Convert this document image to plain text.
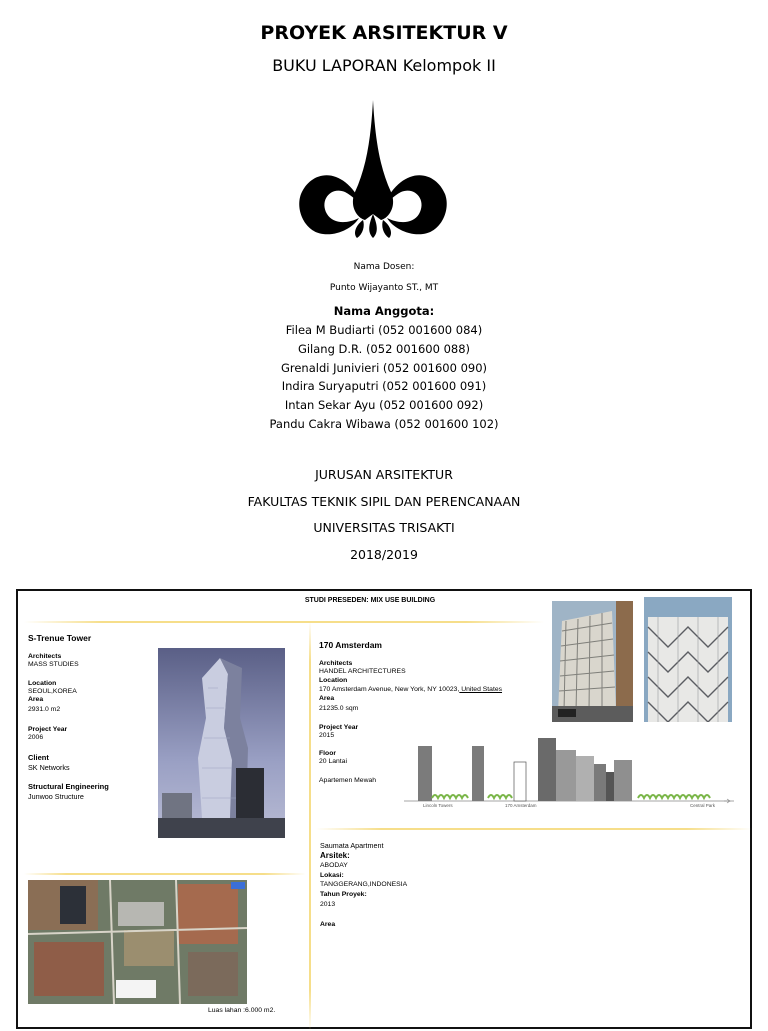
PROYEK ARSITEKTUR V
BUKU LAPORAN Kelompok II
Nama Dosen:
Punto Wijayanto ST., MT
Nama Anggota:
Filea M Budiarti (052 001600 084)
Gilang D.R. (052 001600 088)
Grenaldi Junivieri (052 001600 090)
Indira Suryaputri (052 001600 091)
Intan Sekar Ayu (052 001600 092)
Pandu Cakra Wibawa (052 001600 102)
JURUSAN ARSITEKTUR
FAKULTAS TEKNIK SIPIL DAN PERENCANAAN
UNIVERSITAS TRISAKTI
2018/2019
STUDI PRESEDEN: MIX USE BUILDING
S-Trenue Tower
Architects
MASS STUDIES
Location
SEOUL,KOREA
Area
2931.0 m2
Project Year
2006
Client
SK Networks
Structural Engineering
Junwoo Structure
Luas lahan :6.000 m2.
170 Amsterdam
Architects
HANDEL ARCHITECTURES
Location
170 Amsterdam Avenue, New York, NY 10023, United States
Area
21235.0 sqm
Project Year
2015
Floor
20 Lantai
Apartemen Mewah
Lincoln Towers	170 Amsterdam	Central Park
Saumata Apartment
Arsitek:
ABODAY
Lokasi:
TANGGERANG,INDONESIA
Tahun Proyek:
2013
Area
